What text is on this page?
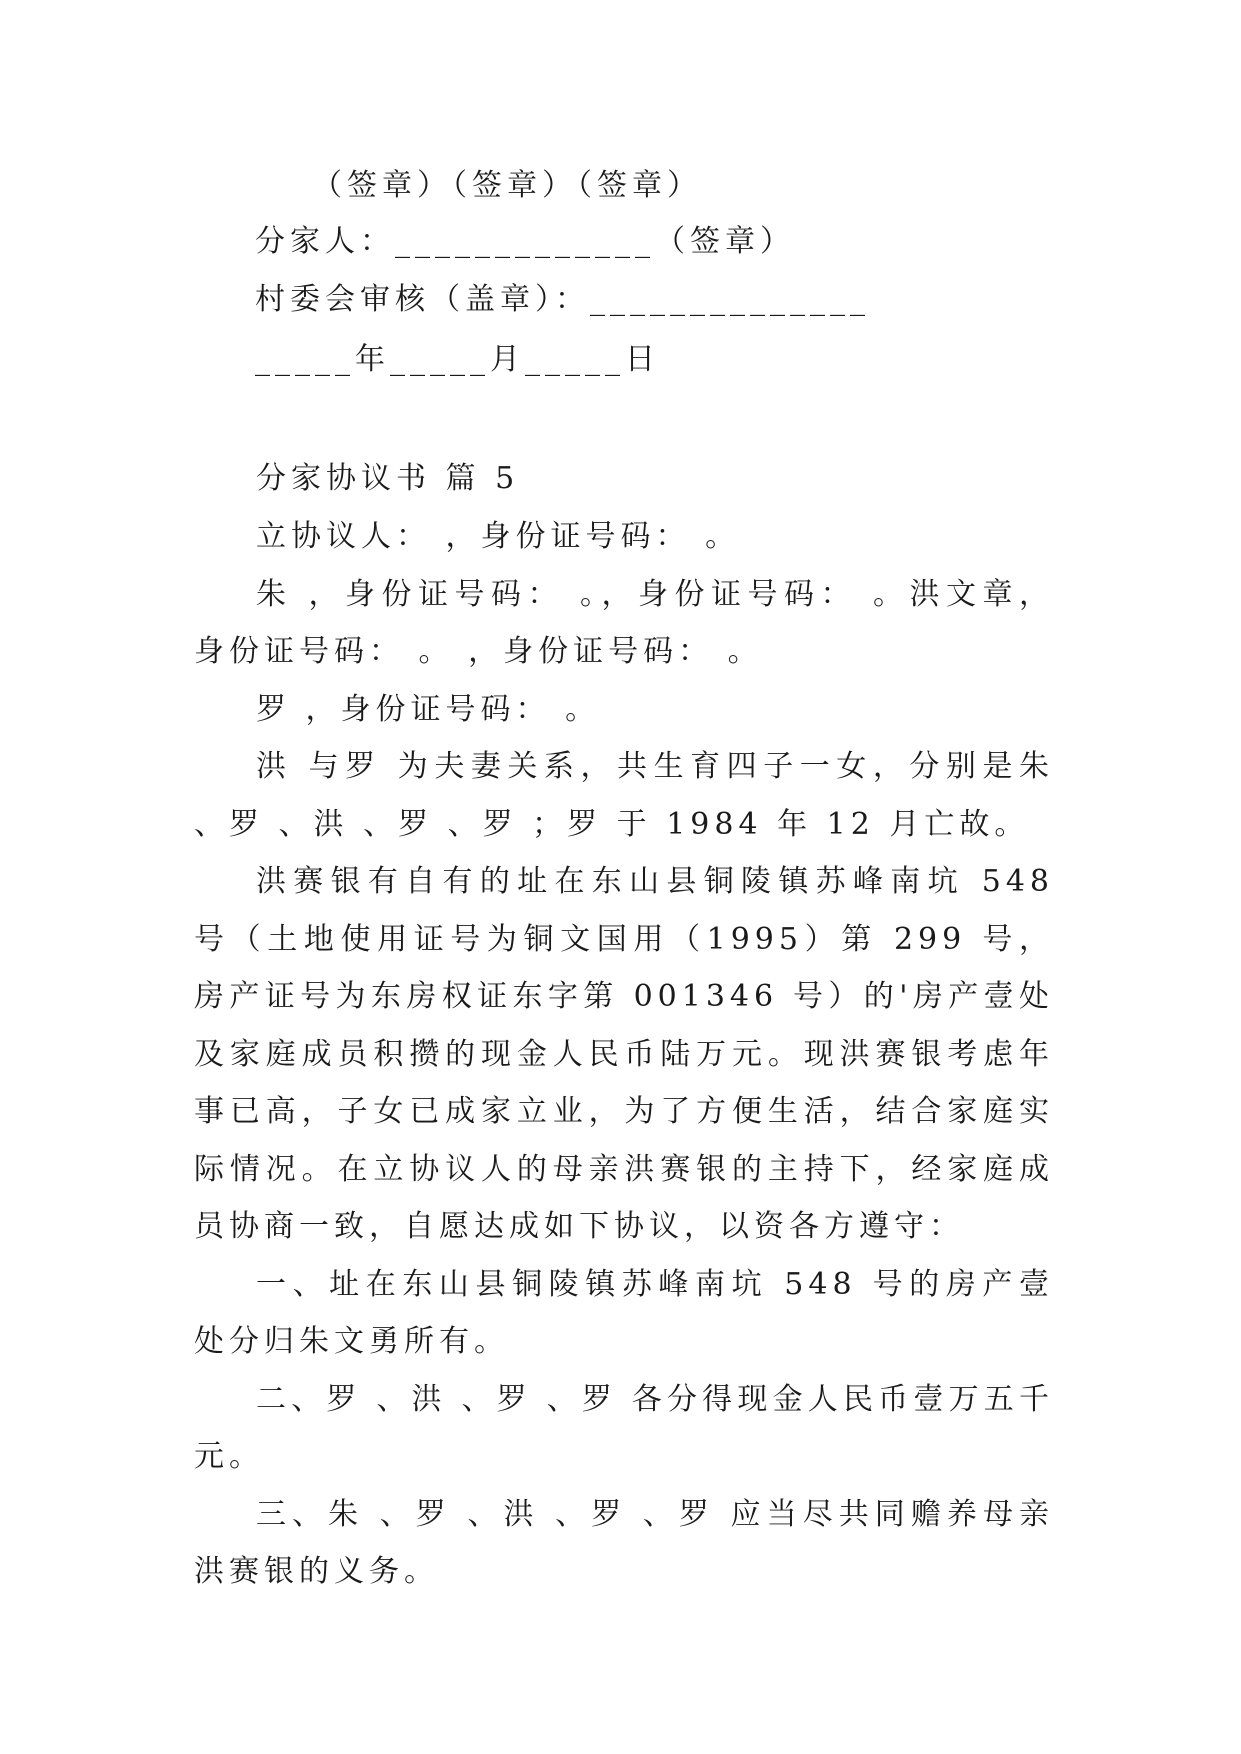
（签章）（签章）（签章）
分家人：_____________（签章）
村委会审核（盖章）：______________
_____年_____月_____日

分家协议书 篇 5

立协议人： ，身份证号码： 。

朱 ，身份证号码： 。，身份证号码： 。洪文章，身份证号码： 。 ，身份证号码： 。

罗 ，身份证号码： 。

洪 与罗 为夫妻关系，共生育四子一女，分别是朱 、罗 、洪 、罗 、罗 ；罗 于 1984 年 12 月亡故。

洪赛银有自有的址在东山县铜陵镇苏峰南坑 548 号（土地使用证号为铜文国用（1995）第 299 号，房产证号为东房权证东字第 001346 号）的'房产壹处及家庭成员积攒的现金人民币陆万元。现洪赛银考虑年事已高，子女已成家立业，为了方便生活，结合家庭实际情况。在立协议人的母亲洪赛银的主持下，经家庭成员协商一致，自愿达成如下协议，以资各方遵守：

一、址在东山县铜陵镇苏峰南坑 548 号的房产壹处分归朱文勇所有。

二、罗 、洪 、罗 、罗 各分得现金人民币壹万五千元。

三、朱 、罗 、洪 、罗 、罗 应当尽共同赡养母亲洪赛银的义务。
